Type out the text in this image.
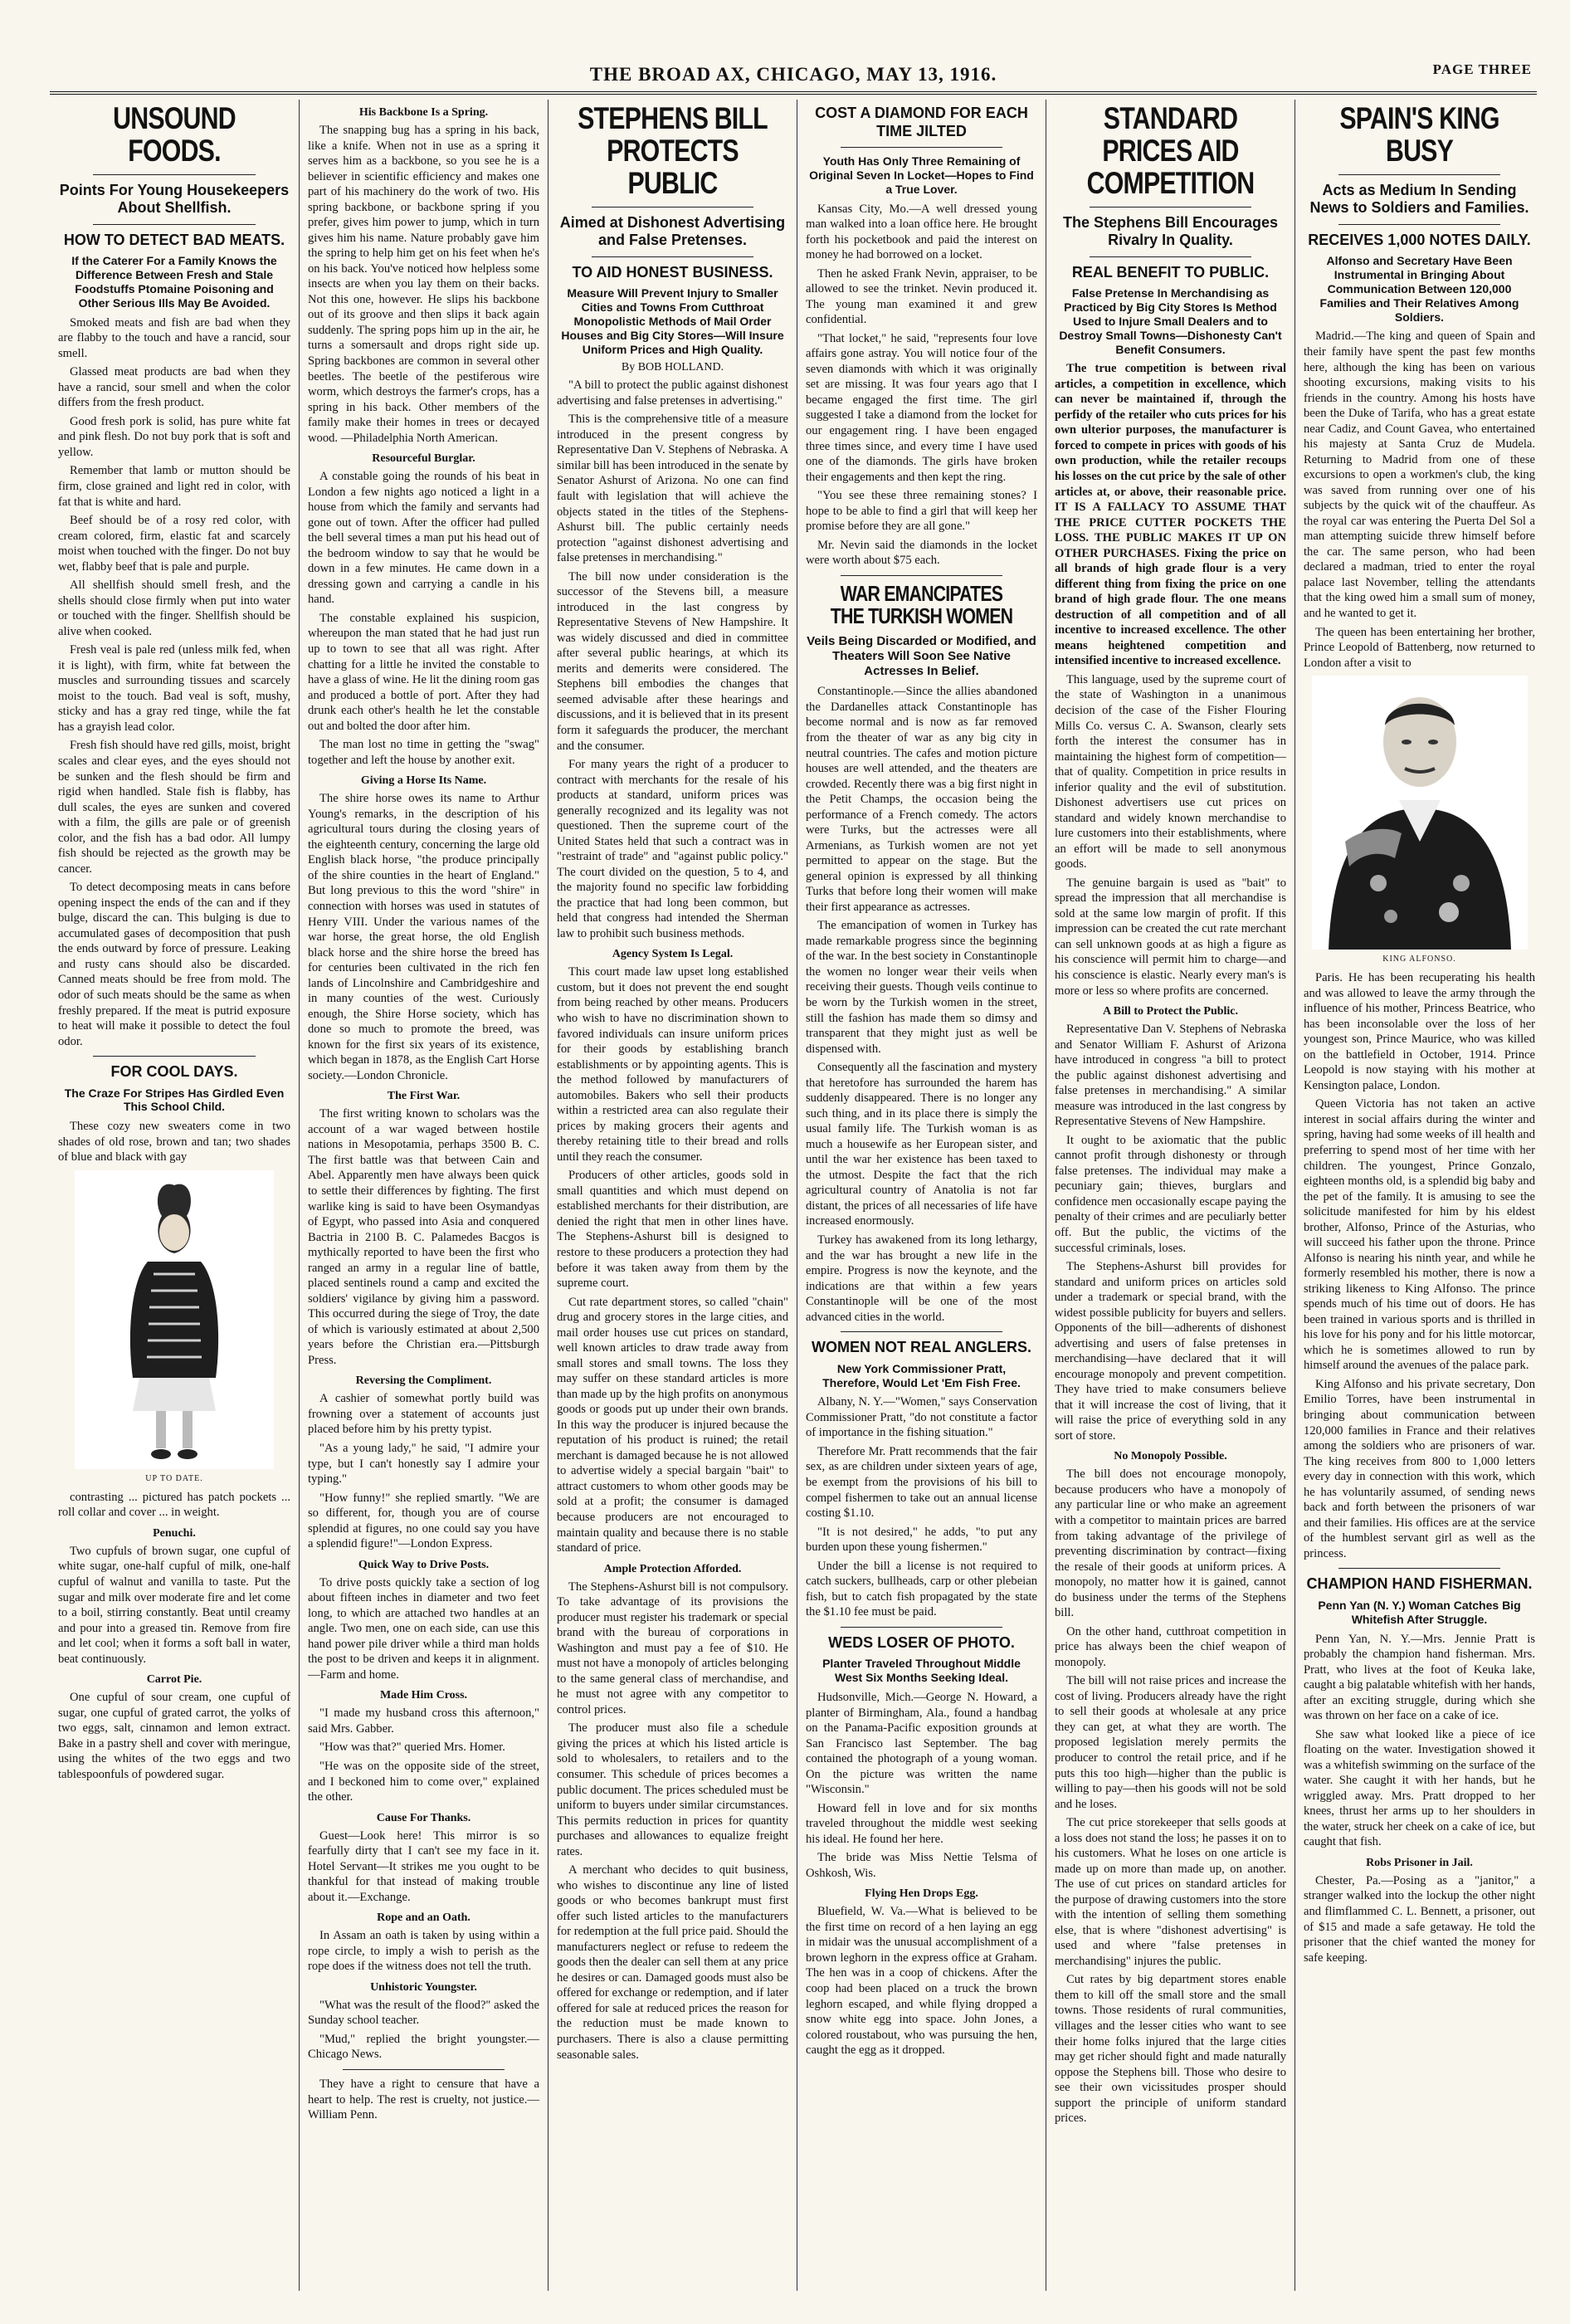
THE BROAD AX, CHICAGO, MAY 13, 1916.	PAGE THREE
UNSOUND FOODS.
Points For Young Housekeepers About Shellfish.
HOW TO DETECT BAD MEATS.
If the Caterer For a Family Knows the Difference Between Fresh and Stale Foodstuffs Ptomaine Poisoning and Other Serious Ills May Be Avoided.

Smoked meats and fish are bad when they are flabby to the touch and have a rancid, sour smell.

Glassed meat products are bad when they have a rancid, sour smell and when the color differs from the fresh product.

Good fresh pork is solid, has pure white fat and pink flesh. Do not buy pork that is soft and yellow.

Remember that lamb or mutton should be firm, close grained and light red in color, with fat that is white and hard.

Beef should be of a rosy red color, with cream colored, firm, elastic fat and scarcely moist when touched with the finger. Do not buy wet, flabby beef that is pale and purple.

All shellfish should smell fresh, and the shells should close firmly when put into water or touched with the finger. Shellfish should be alive when cooked.

Fresh veal is pale red (unless milk fed, when it is light), with firm, white fat between the muscles and surrounding tissues and scarcely moist to the touch. Bad veal is soft, mushy, sticky and has a gray red tinge, while the fat has a grayish lead color.

Fresh fish should have red gills, moist, bright scales and clear eyes, and the eyes should not be sunken and the flesh should be firm and rigid when handled. Stale fish is flabby, has dull scales, the eyes are sunken and covered with a film, the gills are pale or of greenish color, and the fish has a bad odor. All lumpy fish should be rejected as the growth may be cancer.

To detect decomposing meats in cans before opening inspect the ends of the can and if they bulge, discard the can. This bulging is due to accumulated gases of decomposition that push the ends outward by force of pressure. Leaking and rusty cans should also be discarded. Canned meats should be free from mold. The odor of such meats should be the same as when freshly prepared. If the meat is putrid exposure to heat will make it possible to detect the foul odor.

FOR COOL DAYS.
The Craze For Stripes Has Girdled Even This School Child.

These cozy new sweaters come in two shades of old rose, brown and tan; two shades of blue and black with gay

UP TO DATE.

contrasting ... pictured has patch pockets ... roll collar and cover ... in weight.

Penuchi.

Two cupfuls of brown sugar, one cupful of white sugar, one-half cupful of milk, one-half cupful of walnut and vanilla to taste. Put the sugar and milk over moderate fire and let come to a boil, stirring constantly. Beat until creamy and pour into a greased tin. Remove from fire and let cool; when it forms a soft ball in water, beat continuously.

Carrot Pie.

One cupful of sour cream, one cupful of sugar, one cupful of grated carrot, the yolks of two eggs, salt, cinnamon and lemon extract. Bake in a pastry shell and cover with meringue, using the whites of the two eggs and two tablespoonfuls of powdered sugar.

His Backbone Is a Spring.

The snapping bug has a spring in his back, like a knife. When not in use as a spring it serves him as a backbone, so you see he is a believer in scientific efficiency and makes one part of his machinery do the work of two. His spring backbone, or backbone spring if you prefer, gives him power to jump, which in turn gives him his name. Nature probably gave him the spring to help him get on his feet when he's on his back. You've noticed how helpless some insects are when you lay them on their backs. Not this one, however. He slips his backbone out of its groove and then slips it back again suddenly. The spring pops him up in the air, he turns a somersault and drops right side up. Spring backbones are common in several other beetles. The beetle of the pestiferous wire worm, which destroys the farmer's crops, has a spring in his back. Other members of the family make their homes in trees or decayed wood. —Philadelphia North American.

Resourceful Burglar.

A constable going the rounds of his beat in London a few nights ago noticed a light in a house from which the family and servants had gone out of town. After the officer had pulled the bell several times a man put his head out of the bedroom window to say that he would be down in a few minutes. He came down in a dressing gown and carrying a candle in his hand.

The constable explained his suspicion, whereupon the man stated that he had just run up to town to see that all was right. After chatting for a little he invited the constable to have a glass of wine. He lit the dining room gas and produced a bottle of port. After they had drunk each other's health he let the constable out and bolted the door after him.

The man lost no time in getting the "swag" together and left the house by another exit.

Giving a Horse Its Name.

The shire horse owes its name to Arthur Young's remarks, in the description of his agricultural tours during the closing years of the eighteenth century, concerning the large old English black horse, "the produce principally of the shire counties in the heart of England." But long previous to this the word "shire" in connection with horses was used in statutes of Henry VIII. Under the various names of the war horse, the great horse, the old English black horse and the shire horse the breed has for centuries been cultivated in the rich fen lands of Lincolnshire and Cambridgeshire and in many counties of the west. Curiously enough, the Shire Horse society, which has done so much to promote the breed, was known for the first six years of its existence, which began in 1878, as the English Cart Horse society.—London Chronicle.

The First War.

The first writing known to scholars was the account of a war waged between hostile nations in Mesopotamia, perhaps 3500 B. C. The first battle was that between Cain and Abel. Apparently men have always been quick to settle their differences by fighting. The first warlike king is said to have been Osymandyas of Egypt, who passed into Asia and conquered Bactria in 2100 B. C. Palamedes Bacgos is mythically reported to have been the first who ranged an army in a regular line of battle, placed sentinels round a camp and excited the soldiers' vigilance by giving him a password. This occurred during the siege of Troy, the date of which is variously estimated at about 2,500 years before the Christian era.—Pittsburgh Press.

Reversing the Compliment.

A cashier of somewhat portly build was frowning over a statement of accounts just placed before him by his pretty typist.

"As a young lady," he said, "I admire your type, but I can't honestly say I admire your typing."

"How funny!" she replied smartly. "We are so different, for, though you are of course splendid at figures, no one could say you have a splendid figure!"—London Express.

Quick Way to Drive Posts.

To drive posts quickly take a section of log about fifteen inches in diameter and two feet long, to which are attached two handles at an angle. Two men, one on each side, can use this hand power pile driver while a third man holds the post to be driven and keeps it in alignment.—Farm and home.

Made Him Cross.

"I made my husband cross this afternoon," said Mrs. Gabber.

"How was that?" queried Mrs. Homer.

"He was on the opposite side of the street, and I beckoned him to come over," explained the other.

Cause For Thanks.

Guest—Look here! This mirror is so fearfully dirty that I can't see my face in it. Hotel Servant—It strikes me you ought to be thankful for that instead of making trouble about it.—Exchange.

Rope and an Oath.

In Assam an oath is taken by using within a rope circle, to imply a wish to perish as the rope does if the witness does not tell the truth.

Unhistoric Youngster.

"What was the result of the flood?" asked the Sunday school teacher.

"Mud," replied the bright youngster.—Chicago News.

They have a right to censure that have a heart to help. The rest is cruelty, not justice.—William Penn.

STEPHENS BILL PROTECTS PUBLIC
Aimed at Dishonest Advertising and False Pretenses.
TO AID HONEST BUSINESS.
Measure Will Prevent Injury to Smaller Cities and Towns From Cutthroat Monopolistic Methods of Mail Order Houses and Big City Stores—Will Insure Uniform Prices and High Quality.
By BOB HOLLAND.

"A bill to protect the public against dishonest advertising and false pretenses in advertising."

This is the comprehensive title of a measure introduced in the present congress by Representative Dan V. Stephens of Nebraska. A similar bill has been introduced in the senate by Senator Ashurst of Arizona. No one can find fault with legislation that will achieve the objects stated in the titles of the Stephens-Ashurst bill. The public certainly needs protection "against dishonest advertising and false pretenses in merchandising."

The bill now under consideration is the successor of the Stevens bill, a measure introduced in the last congress by Representative Stevens of New Hampshire. It was widely discussed and died in committee after several public hearings, at which its merits and demerits were considered. The Stephens bill embodies the changes that seemed advisable after these hearings and discussions, and it is believed that in its present form it safeguards the producer, the merchant and the consumer.

For many years the right of a producer to contract with merchants for the resale of his products at standard, uniform prices was generally recognized and its legality was not questioned. Then the supreme court of the United States held that such a contract was in "restraint of trade" and "against public policy." The court divided on the question, 5 to 4, and the majority found no specific law forbidding the practice that had long been common, but held that congress had intended the Sherman law to prohibit such business methods.

Agency System Is Legal.

This court made law upset long established custom, but it does not prevent the end sought from being reached by other means. Producers who wish to have no discrimination shown to favored individuals can insure uniform prices for their goods by establishing branch establishments or by appointing agents. This is the method followed by manufacturers of automobiles. Bakers who sell their products within a restricted area can also regulate their prices by making grocers their agents and thereby retaining title to their bread and rolls until they reach the consumer.

Producers of other articles, goods sold in small quantities and which must depend on established merchants for their distribution, are denied the right that men in other lines have. The Stephens-Ashurst bill is designed to restore to these producers a protection they had before it was taken away from them by the supreme court.

Cut rate department stores, so called "chain" drug and grocery stores in the large cities, and mail order houses use cut prices on standard, well known articles to draw trade away from small stores and small towns. The loss they may suffer on these standard articles is more than made up by the high profits on anonymous goods or goods put up under their own brands. In this way the producer is injured because the reputation of his product is ruined; the retail merchant is damaged because he is not allowed to advertise widely a special bargain "bait" to attract customers to whom other goods may be sold at a profit; the consumer is damaged because producers are not encouraged to maintain quality and because there is no stable standard of price.

Ample Protection Afforded.

The Stephens-Ashurst bill is not compulsory. To take advantage of its provisions the producer must register his trademark or special brand with the bureau of corporations in Washington and must pay a fee of $10. He must not have a monopoly of articles belonging to the same general class of merchandise, and he must not agree with any competitor to control prices.

The producer must also file a schedule giving the prices at which his listed article is sold to wholesalers, to retailers and to the consumer. This schedule of prices becomes a public document. The prices scheduled must be uniform to buyers under similar circumstances. This permits reduction in prices for quantity purchases and allowances to equalize freight rates.

A merchant who decides to quit business, who wishes to discontinue any line of listed goods or who becomes bankrupt must first offer such listed articles to the manufacturers for redemption at the full price paid. Should the manufacturers neglect or refuse to redeem the goods then the dealer can sell them at any price he desires or can. Damaged goods must also be offered for exchange or redemption, and if later offered for sale at reduced prices the reason for the reduction must be made known to purchasers. There is also a clause permitting seasonable sales.

COST A DIAMOND FOR EACH TIME JILTED
Youth Has Only Three Remaining of Original Seven In Locket—Hopes to Find a True Lover.

Kansas City, Mo.—A well dressed young man walked into a loan office here. He brought forth his pocketbook and paid the interest on money he had borrowed on a locket.

Then he asked Frank Nevin, appraiser, to be allowed to see the trinket. Nevin produced it. The young man examined it and grew confidential.

"That locket," he said, "represents four love affairs gone astray. You will notice four of the seven diamonds with which it was originally set are missing. It was four years ago that I became engaged the first time. The girl suggested I take a diamond from the locket for our engagement ring. I have been engaged three times since, and every time I have used one of the diamonds. The girls have broken their engagements and then kept the ring.

"You see these three remaining stones? I hope to be able to find a girl that will keep her promise before they are all gone."

Mr. Nevin said the diamonds in the locket were worth about $75 each.

WAR EMANCIPATES THE TURKISH WOMEN
Veils Being Discarded or Modified, and Theaters Will Soon See Native Actresses In Belief.

Constantinople.—Since the allies abandoned the Dardanelles attack Constantinople has become normal and is now as far removed from the theater of war as any big city in neutral countries. The cafes and motion picture houses are well attended, and the theaters are crowded. Recently there was a big first night in the Petit Champs, the occasion being the performance of a French comedy. The actors were Turks, but the actresses were all Armenians, as Turkish women are not yet permitted to appear on the stage. But the general opinion is expressed by all thinking Turks that before long their women will make their first appearance as actresses.

The emancipation of women in Turkey has made remarkable progress since the beginning of the war. In the best society in Constantinople the women no longer wear their veils when receiving their guests. Though veils continue to be worn by the Turkish women in the street, still the fashion has made them so dimsy and transparent that they might just as well be dispensed with.

Consequently all the fascination and mystery that heretofore has surrounded the harem has suddenly disappeared. There is no longer any such thing, and in its place there is simply the usual family life. The Turkish woman is as much a housewife as her European sister, and until the war her existence has been taxed to the utmost. Despite the fact that the rich agricultural country of Anatolia is not far distant, the prices of all necessaries of life have increased enormously.

Turkey has awakened from its long lethargy, and the war has brought a new life in the empire. Progress is now the keynote, and the indications are that within a few years Constantinople will be one of the most advanced cities in the world.

WOMEN NOT REAL ANGLERS.
New York Commissioner Pratt, Therefore, Would Let 'Em Fish Free.

Albany, N. Y.—"Women," says Conservation Commissioner Pratt, "do not constitute a factor of importance in the fishing situation."

Therefore Mr. Pratt recommends that the fair sex, as are children under sixteen years of age, be exempt from the provisions of his bill to compel fishermen to take out an annual license costing $1.10.

"It is not desired," he adds, "to put any burden upon these young fishermen."

Under the bill a license is not required to catch suckers, bullheads, carp or other plebeian fish, but to catch fish propagated by the state the $1.10 fee must be paid.

WEDS LOSER OF PHOTO.
Planter Traveled Throughout Middle West Six Months Seeking Ideal.

Hudsonville, Mich.—George N. Howard, a planter of Birmingham, Ala., found a handbag on the Panama-Pacific exposition grounds at San Francisco last September. The bag contained the photograph of a young woman. On the picture was written the name "Wisconsin."

Howard fell in love and for six months traveled throughout the middle west seeking his ideal. He found her here.

The bride was Miss Nettie Telsma of Oshkosh, Wis.

Flying Hen Drops Egg.

Bluefield, W. Va.—What is believed to be the first time on record of a hen laying an egg in midair was the unusual accomplishment of a brown leghorn in the express office at Graham. The hen was in a coop of chickens. After the coop had been placed on a truck the brown leghorn escaped, and while flying dropped a snow white egg into space. John Jones, a colored roustabout, who was pursuing the hen, caught the egg as it dropped.

STANDARD PRICES AID COMPETITION
The Stephens Bill Encourages Rivalry In Quality.
REAL BENEFIT TO PUBLIC.
False Pretense In Merchandising as Practiced by Big City Stores Is Method Used to Injure Small Dealers and to Destroy Small Towns—Dishonesty Can't Benefit Consumers.

The true competition is between rival articles, a competition in excellence, which can never be maintained if, through the perfidy of the retailer who cuts prices for his own ulterior purposes, the manufacturer is forced to compete in prices with goods of his own production, while the retailer recoups his losses on the cut price by the sale of other articles at, or above, their reasonable price. IT IS A FALLACY TO ASSUME THAT THE PRICE CUTTER POCKETS THE LOSS. THE PUBLIC MAKES IT UP ON OTHER PURCHASES. Fixing the price on all brands of high grade flour is a very different thing from fixing the price on one brand of high grade flour. The one means destruction of all competition and of all incentive to increased excellence. The other means heightened competition and intensified incentive to increased excellence.

This language, used by the supreme court of the state of Washington in a unanimous decision of the case of the Fisher Flouring Mills Co. versus C. A. Swanson, clearly sets forth the interest the consumer has in maintaining the highest form of competition—that of quality. Competition in price results in inferior quality and the evil of substitution. Dishonest advertisers use cut prices on standard and widely known merchandise to lure customers into their establishments, where an effort will be made to sell anonymous goods.

The genuine bargain is used as "bait" to spread the impression that all merchandise is sold at the same low margin of profit. If this impression can be created the cut rate merchant can sell unknown goods at as high a figure as his conscience will permit him to charge—and his conscience is elastic. Nearly every man's is more or less so where profits are concerned.

A Bill to Protect the Public.

Representative Dan V. Stephens of Nebraska and Senator William F. Ashurst of Arizona have introduced in congress "a bill to protect the public against dishonest advertising and false pretenses in merchandising." A similar measure was introduced in the last congress by Representative Stevens of New Hampshire.

It ought to be axiomatic that the public cannot profit through dishonesty or through false pretenses. The individual may make a pecuniary gain; thieves, burglars and confidence men occasionally escape paying the penalty of their crimes and are peculiarly better off. But the public, the victims of the successful criminals, loses.

The Stephens-Ashurst bill provides for standard and uniform prices on articles sold under a trademark or special brand, with the widest possible publicity for buyers and sellers. Opponents of the bill—adherents of dishonest advertising and users of false pretenses in merchandising—have declared that it will encourage monopoly and prevent competition. They have tried to make consumers believe that it will increase the cost of living, that it will raise the price of everything sold in any sort of store.

No Monopoly Possible.

The bill does not encourage monopoly, because producers who have a monopoly of any particular line or who make an agreement with a competitor to maintain prices are barred from taking advantage of the privilege of preventing discrimination by contract—fixing the resale of their goods at uniform prices. A monopoly, no matter how it is gained, cannot do business under the terms of the Stephens bill.

On the other hand, cutthroat competition in price has always been the chief weapon of monopoly.

The bill will not raise prices and increase the cost of living. Producers already have the right to sell their goods at wholesale at any price they can get, at what they are worth. The proposed legislation merely permits the producer to control the retail price, and if he puts this too high—higher than the public is willing to pay—then his goods will not be sold and he loses.

The cut price storekeeper that sells goods at a loss does not stand the loss; he passes it on to his customers. What he loses on one article is made up on more than made up, on another. The use of cut prices on standard articles for the purpose of drawing customers into the store with the intention of selling them something else, that is where "dishonest advertising" is used and where "false pretenses in merchandising" injures the public.

Cut rates by big department stores enable them to kill off the small store and the small towns. Those residents of rural communities, villages and the lesser cities who want to see their home folks injured that the large cities may get richer should fight and made naturally oppose the Stephens bill. Those who desire to see their own vicissitudes prosper should support the principle of uniform standard prices.

SPAIN'S KING BUSY
Acts as Medium In Sending News to Soldiers and Families.
RECEIVES 1,000 NOTES DAILY.
Alfonso and Secretary Have Been Instrumental in Bringing About Communication Between 120,000 Families and Their Relatives Among Soldiers.

Madrid.—The king and queen of Spain and their family have spent the past few months here, although the king has been on various shooting excursions, making visits to his friends in the country. Among his hosts have been the Duke of Tarifa, who has a great estate near Cadiz, and Count Gavea, who entertained his majesty at Santa Cruz de Mudela. Returning to Madrid from one of these excursions to open a workmen's club, the king was saved from running over one of his subjects by the quick wit of the chauffeur. As the royal car was entering the Puerta Del Sol a man attempting suicide threw himself before the car. The same person, who had been declared a madman, tried to enter the royal palace last November, telling the attendants that the king owed him a small sum of money, and he wanted to get it.

The queen has been entertaining her brother, Prince Leopold of Battenberg, now returned to London after a visit to

KING ALFONSO.

Paris. He has been recuperating his health and was allowed to leave the army through the influence of his mother, Princess Beatrice, who has been inconsolable over the loss of her youngest son, Prince Maurice, who was killed on the battlefield in October, 1914. Prince Leopold is now staying with his mother at Kensington palace, London.

Queen Victoria has not taken an active interest in social affairs during the winter and spring, having had some weeks of ill health and preferring to spend most of her time with her children. The youngest, Prince Gonzalo, eighteen months old, is a splendid big baby and the pet of the family. It is amusing to see the solicitude manifested for him by his eldest brother, Alfonso, Prince of the Asturias, who will succeed his father upon the throne. Prince Alfonso is nearing his ninth year, and while he formerly resembled his mother, there is now a striking likeness to King Alfonso. The prince spends much of his time out of doors. He has been trained in various sports and is thrilled in his love for his pony and for his little motorcar, which he is sometimes allowed to run by himself around the avenues of the palace park.

King Alfonso and his private secretary, Don Emilio Torres, have been instrumental in bringing about communication between 120,000 families in France and their relatives among the soldiers who are prisoners of war. The king receives from 800 to 1,000 letters every day in connection with this work, which he has voluntarily assumed, of sending news back and forth between the prisoners of war and their families. His offices are at the service of the humblest servant girl as well as the princess.

CHAMPION HAND FISHERMAN.
Penn Yan (N. Y.) Woman Catches Big Whitefish After Struggle.

Penn Yan, N. Y.—Mrs. Jennie Pratt is probably the champion hand fisherman. Mrs. Pratt, who lives at the foot of Keuka lake, caught a big palatable whitefish with her hands, after an exciting struggle, during which she was thrown on her face on a cake of ice.

She saw what looked like a piece of ice floating on the water. Investigation showed it was a whitefish swimming on the surface of the water. She caught it with her hands, but he wriggled away. Mrs. Pratt dropped to her knees, thrust her arms up to her shoulders in the water, struck her cheek on a cake of ice, but caught that fish.

Robs Prisoner in Jail.

Chester, Pa.—Posing as a "janitor," a stranger walked into the lockup the other night and flimflammed C. L. Bennett, a prisoner, out of $15 and made a safe getaway. He told the prisoner that the chief wanted the money for safe keeping.
